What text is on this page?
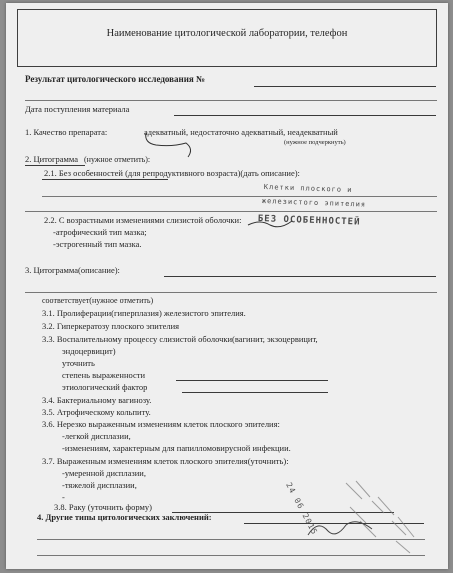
Наименование цитологической лаборатории, телефон
Результат цитологического исследования №
Дата поступления материала
1. Качество препарата:	адекватный, недостаточно адекватный, неадекватный
(нужное подчеркнуть)
2. Цитограмма (нужное отметить):
2.1. Без особенностей (для репродуктивного возраста)(дать описание):
Клетки плоского и
железистого эпителия
БЕЗ ОСОБЕННОСТЕЙ
2.2. С возрастными изменениями слизистой оболочки:
-атрофический тип мазка;
-эстрогенный тип мазка.
3. Цитограмма(описание):
соответствует(нужное отметить)
3.1. Пролиферации(гиперплазия) железистого эпителия.
3.2. Гиперкератозу плоского эпителия
3.3. Воспалительному процессу слизистой оболочки(вагинит, экзоцервицит,
эндоцервицит)
уточнить
степень выраженности
этиологический фактор
3.4. Бактериальному вагинозу.
3.5. Атрофическому кольпиту.
3.6. Нерезко выраженным изменениям клеток плоского эпителия:
-легкой дисплазии,
-изменениям, характерным для папилломовирусной инфекции.
3.7. Выраженным изменениям клеток плоского эпителия(уточнить):
-умеренной дисплазии,
-тяжелой дисплазии,
-
3.8. Раку (уточнить форму)
4. Другие типы цитологических заключений:	24 06 2015
